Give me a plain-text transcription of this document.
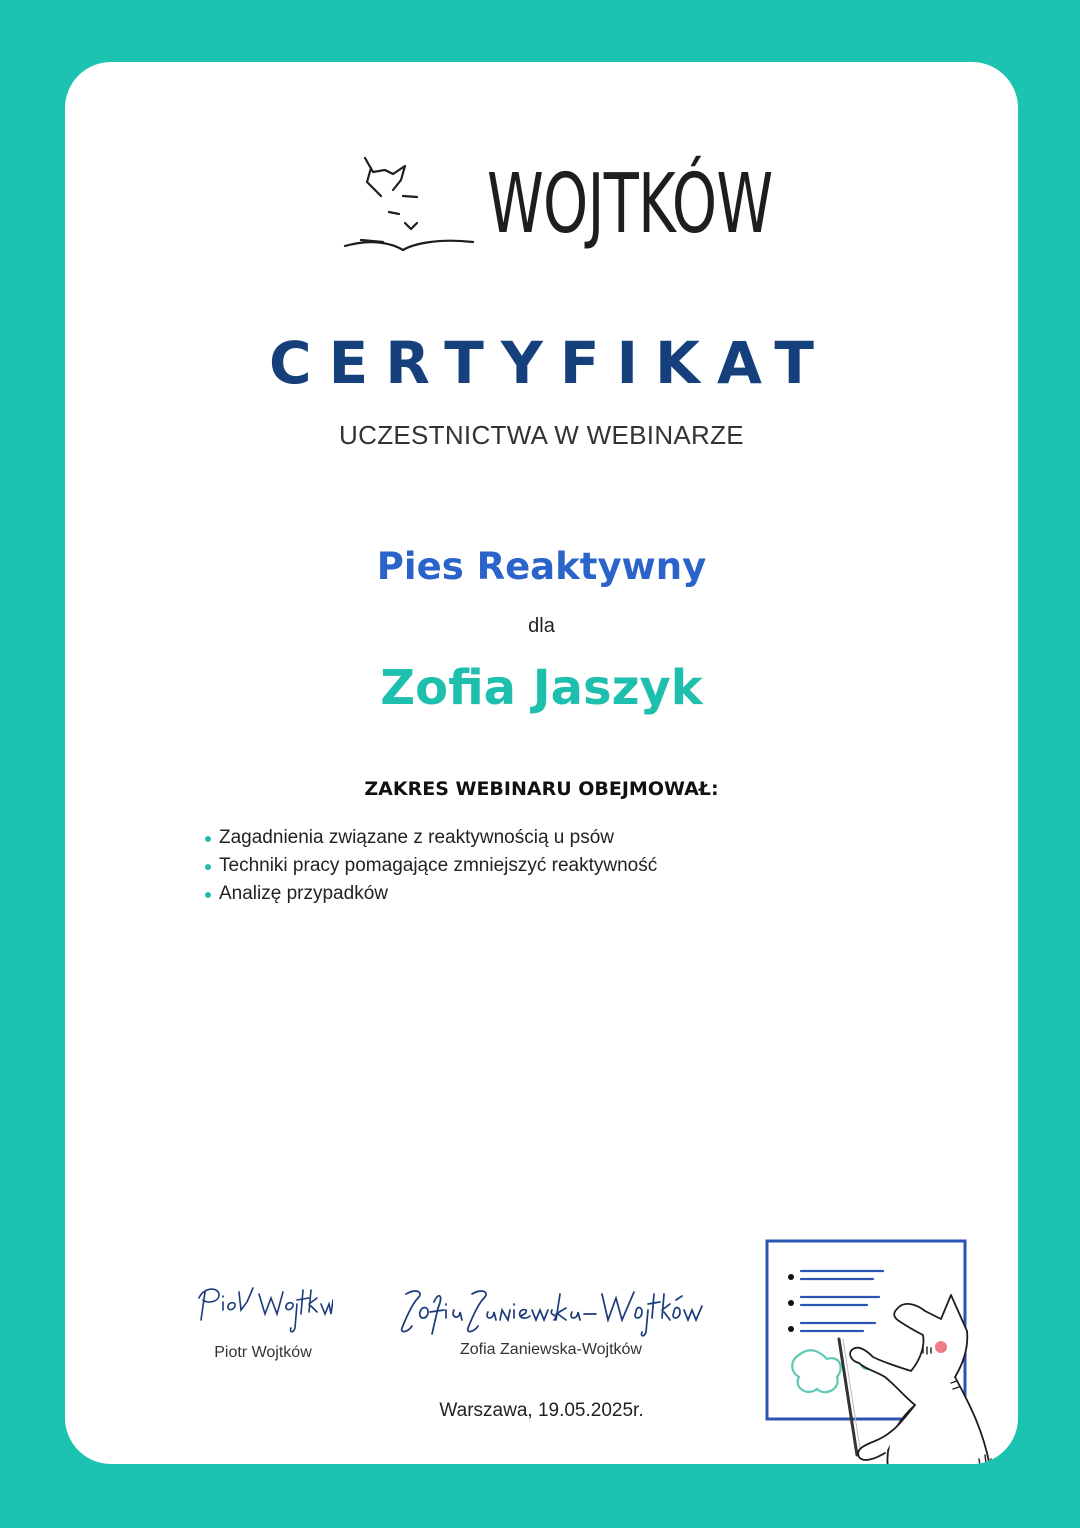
WOJTKÓW
CERTYFIKAT
UCZESTNICTWA W WEBINARZE
Pies Reaktywny
dla
Zofia Jaszyk
ZAKRES WEBINARU OBEJMOWAŁ:
Zagadnienia związane z reaktywnością u psów
Techniki pracy pomagające zmniejszyć reaktywność
Analizę przypadków
Piotr Wojtków	Zofia Zaniewska-Wojtków
Warszawa, 19.05.2025r.
